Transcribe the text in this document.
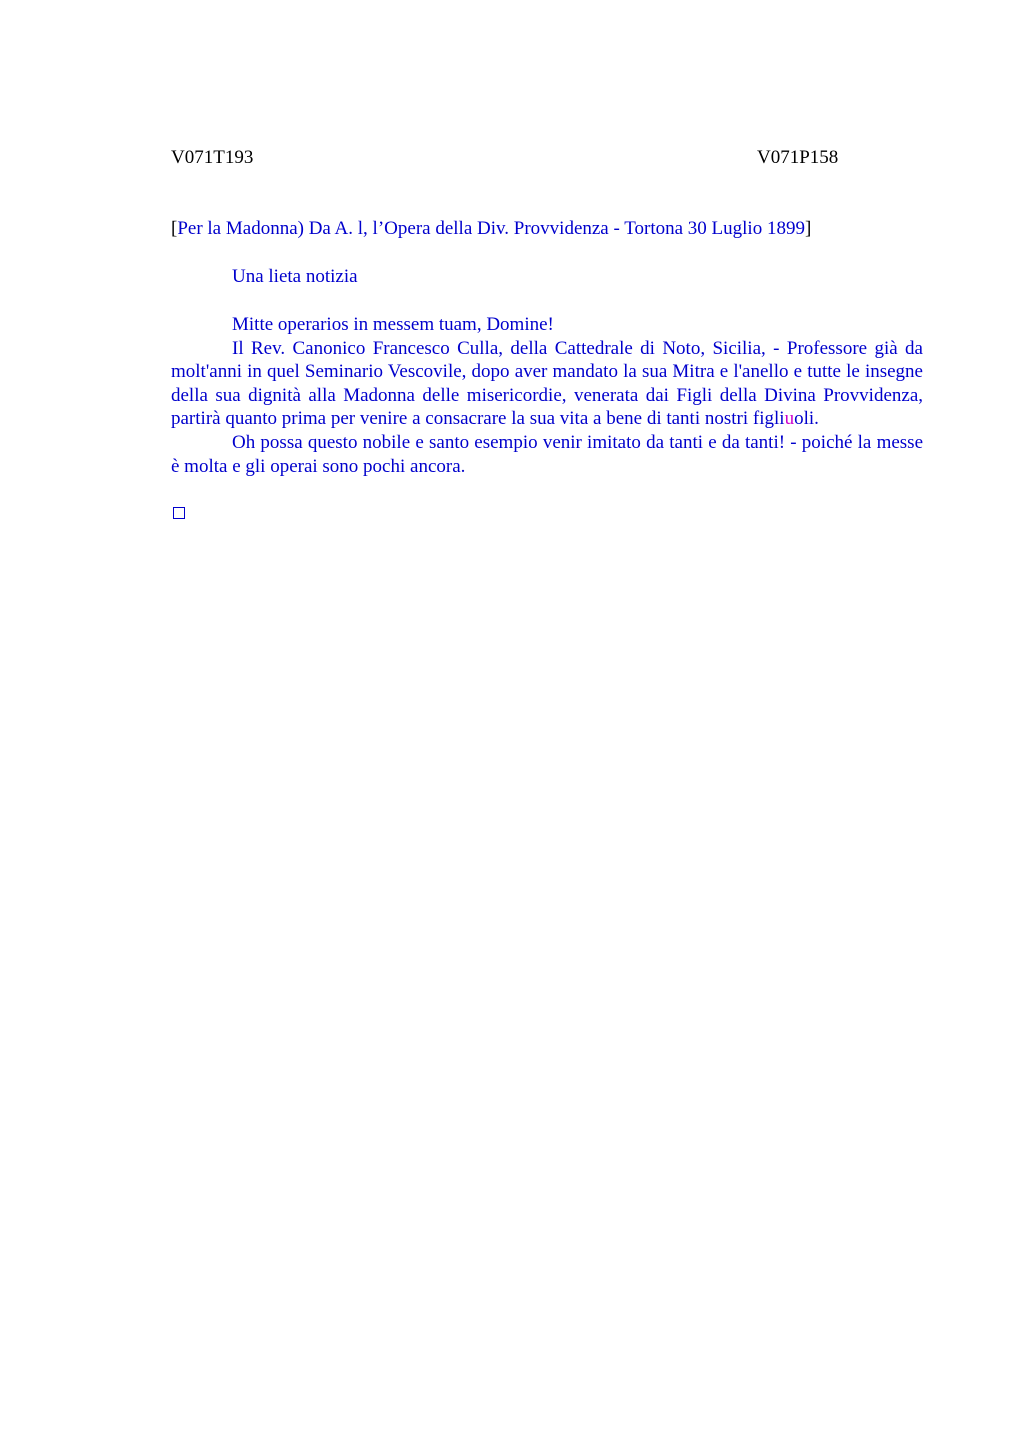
V071T193	V071P158
[Per la Madonna) Da A. l, l’Opera della Div. Provvidenza - Tortona 30 Luglio 1899]
Una lieta notizia

Mitte operarios in messem tuam, Domine!

Il Rev. Canonico Francesco Culla, della Cattedrale di Noto, Sicilia, - Professore già da molt'anni in quel Seminario Vescovile, dopo aver mandato la sua Mitra e l'anello e tutte le insegne della sua dignità alla Madonna delle misericordie, venerata dai Figli della Divina Provvidenza, partirà quanto prima per venire a consacrare la sua vita a bene di tanti nostri figliuoli.

Oh possa questo nobile e santo esempio venir imitato da tanti e da tanti! - poiché la messe è molta e gli operai sono pochi ancora.
